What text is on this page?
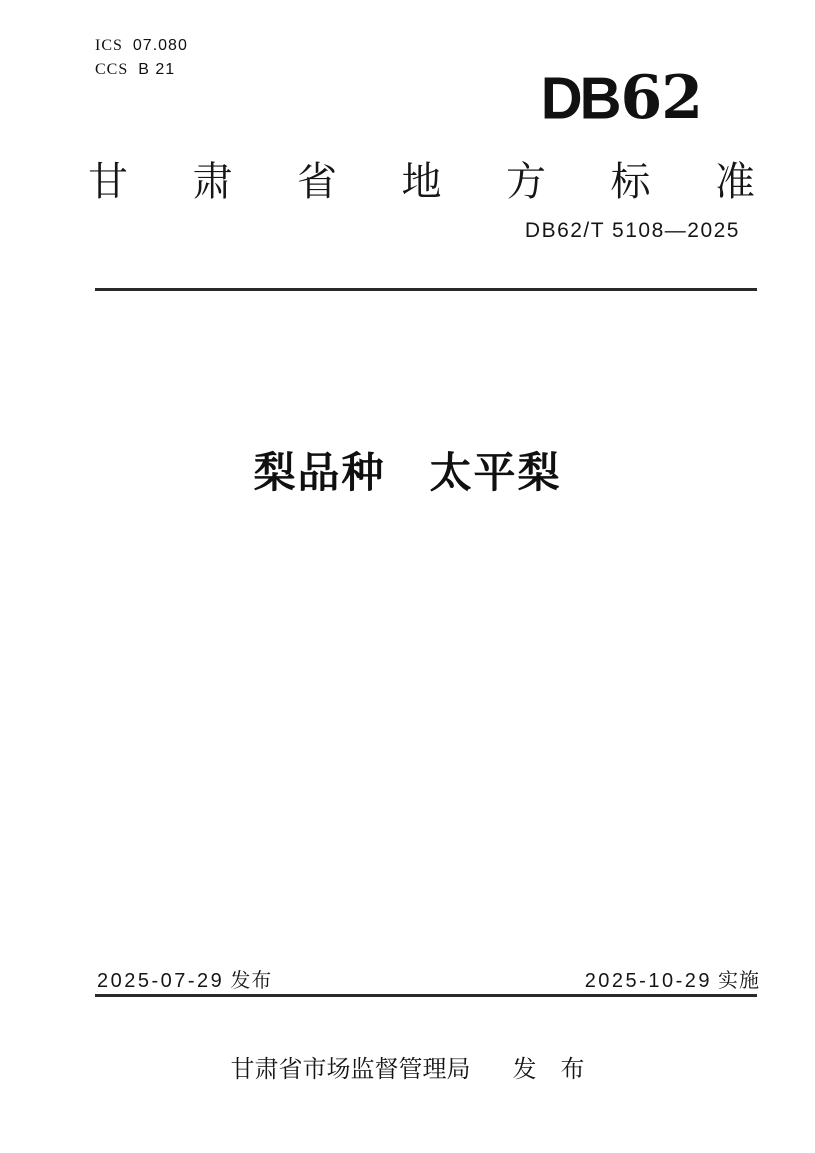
ICS 07.080
CCS B 21	DB62
甘 肃 省 地 方 标 准
DB62/T 5108—2025
梨品种　太平梨
2025-07-29 发布	2025-10-29 实施
甘肃省市场监督管理局 发　布
